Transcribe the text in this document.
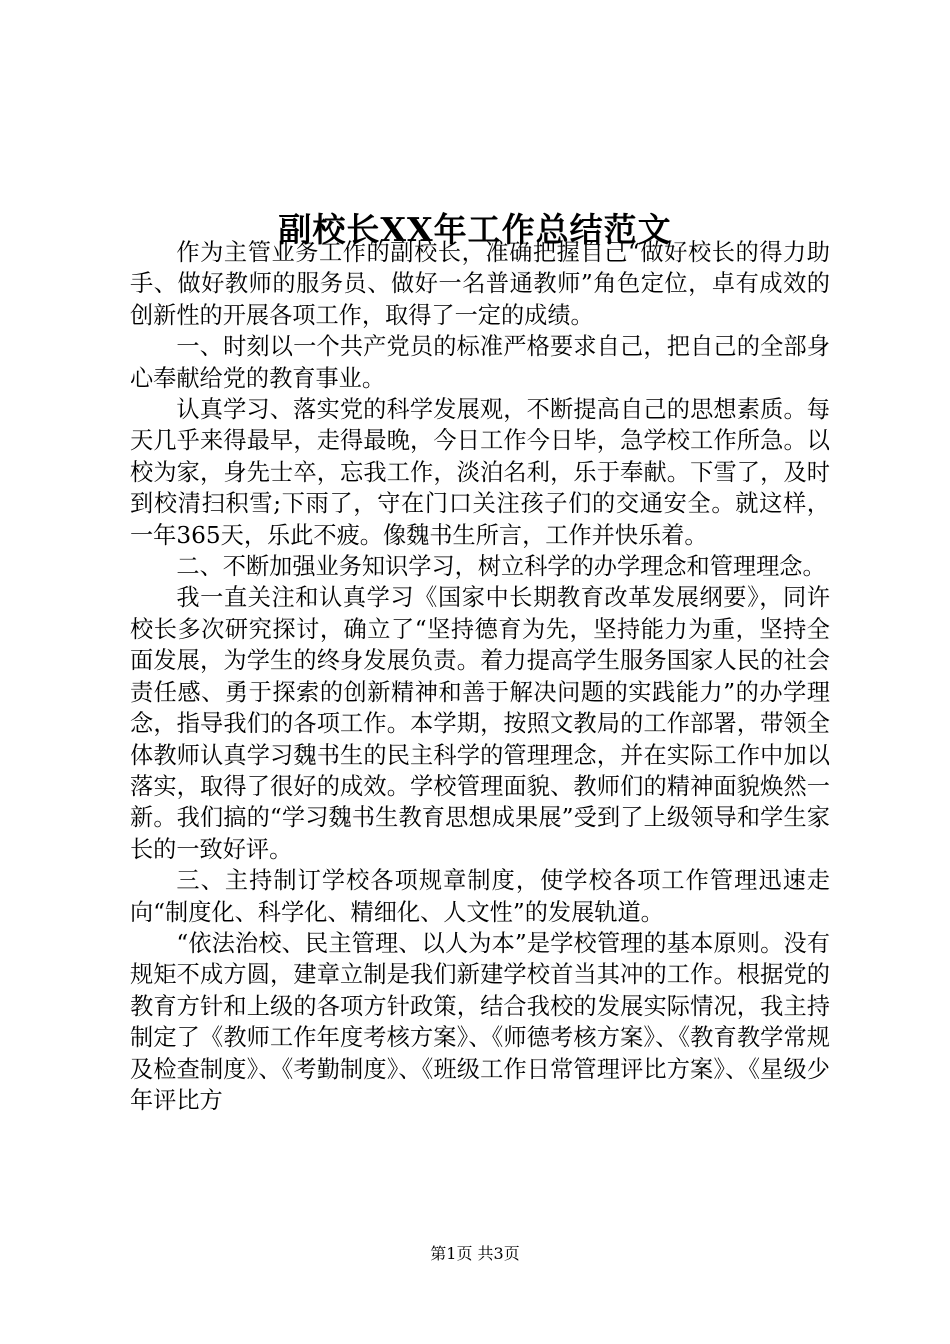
副校长XX年工作总结范文

作为主管业务工作的副校长，准确把握自己“做好校长的得力助手、做好教师的服务员、做好一名普通教师”角色定位，卓有成效的创新性的开展各项工作，取得了一定的成绩。

一、时刻以一个共产党员的标准严格要求自己，把自己的全部身心奉献给党的教育事业。

认真学习、落实党的科学发展观，不断提高自己的思想素质。每天几乎来得最早，走得最晚，今日工作今日毕，急学校工作所急。以校为家，身先士卒，忘我工作，淡泊名利，乐于奉献。下雪了，及时到校清扫积雪;下雨了，守在门口关注孩子们的交通安全。就这样，一年365天，乐此不疲。像魏书生所言，工作并快乐着。

二、不断加强业务知识学习，树立科学的办学理念和管理理念。

我一直关注和认真学习《国家中长期教育改革发展纲要》，同许校长多次研究探讨，确立了“坚持德育为先，坚持能力为重，坚持全面发展，为学生的终身发展负责。着力提高学生服务国家人民的社会责任感、勇于探索的创新精神和善于解决问题的实践能力”的办学理念，指导我们的各项工作。本学期，按照文教局的工作部署，带领全体教师认真学习魏书生的民主科学的管理理念，并在实际工作中加以落实，取得了很好的成效。学校管理面貌、教师们的精神面貌焕然一新。我们搞的“学习魏书生教育思想成果展”受到了上级领导和学生家长的一致好评。

三、主持制订学校各项规章制度，使学校各项工作管理迅速走向“制度化、科学化、精细化、人文性”的发展轨道。

“依法治校、民主管理、以人为本”是学校管理的基本原则。没有规矩不成方圆，建章立制是我们新建学校首当其冲的工作。根据党的教育方针和上级的各项方针政策，结合我校的发展实际情况，我主持制定了《教师工作年度考核方案》、《师德考核方案》、《教育教学常规及检查制度》、《考勤制度》、《班级工作日常管理评比方案》、《星级少年评比方

第1页 共3页
